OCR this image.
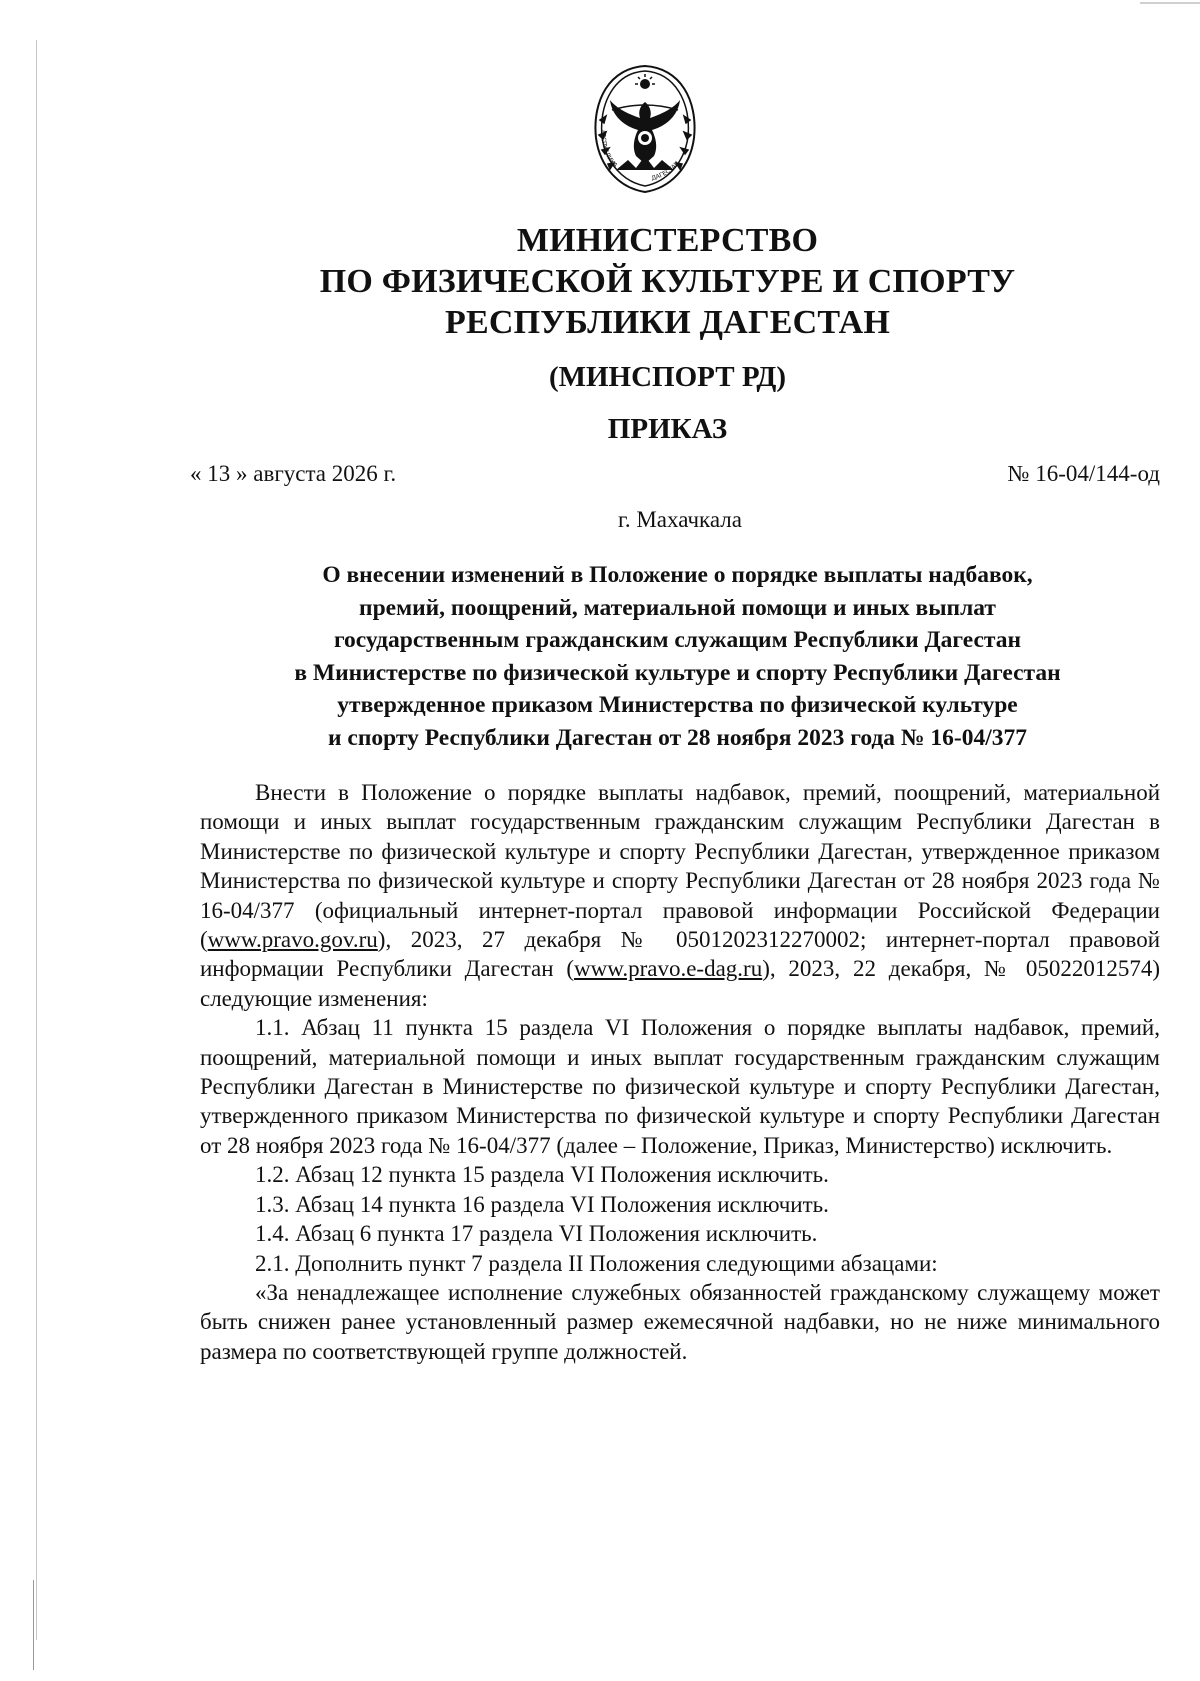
РЕСПУБЛИКА
ДАГЕСТАН
МИНИСТЕРСТВО
ПО ФИЗИЧЕСКОЙ КУЛЬТУРЕ И СПОРТУ
РЕСПУБЛИКИ ДАГЕСТАН
(МИНСПОРТ РД)
ПРИКАЗ
« 13 » августа 2026 г.	№ 16-04/144-од
г. Махачкала
О внесении изменений в Положение о порядке выплаты надбавок,
премий, поощрений, материальной помощи и иных выплат
государственным гражданским служащим Республики Дагестан
в Министерстве по физической культуре и спорту Республики Дагестан
утвержденное приказом Министерства по физической культуре
и спорту Республики Дагестан от 28 ноября 2023 года № 16-04/377

Внести в Положение о порядке выплаты надбавок, премий, поощрений, материальной помощи и иных выплат государственным гражданским служащим Республики Дагестан в Министерстве по физической культуре и спорту Республики Дагестан, утвержденное приказом Министерства по физической культуре и спорту Республики Дагестан от 28 ноября 2023 года № 16-04/377 (официальный интернет-портал правовой информации Российской Федерации (www.pravo.gov.ru), 2023, 27 декабря № 0501202312270002; интернет-портал правовой информации Республики Дагестан (www.pravo.e-dag.ru), 2023, 22 декабря, № 05022012574) следующие изменения:

1.1. Абзац 11 пункта 15 раздела VI Положения о порядке выплаты надбавок, премий, поощрений, материальной помощи и иных выплат государственным гражданским служащим Республики Дагестан в Министерстве по физической культуре и спорту Республики Дагестан, утвержденного приказом Министерства по физической культуре и спорту Республики Дагестан от 28 ноября 2023 года № 16-04/377 (далее – Положение, Приказ, Министерство) исключить.

1.2. Абзац 12 пункта 15 раздела VI Положения исключить.

1.3. Абзац 14 пункта 16 раздела VI Положения исключить.

1.4. Абзац 6 пункта 17 раздела VI Положения исключить.

2.1. Дополнить пункт 7 раздела II Положения следующими абзацами:

«За ненадлежащее исполнение служебных обязанностей гражданскому служащему может быть снижен ранее установленный размер ежемесячной надбавки, но не ниже минимального размера по соответствующей группе должностей.
